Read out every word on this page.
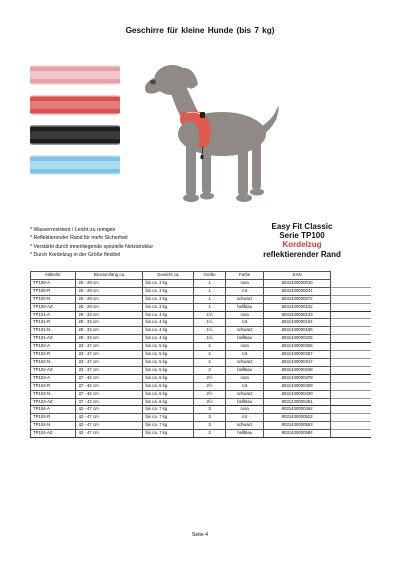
Geschirre für kleine Hunde (bis 7 kg)
* Wasserresistent / Leicht zu reinigen
* Reflektierender Rand für mehr Sicherheit
* Verstärkt durch innenliegende spezielle Netzstruktur
* Durch Kordelzug in der Größe flexibel
Easy Fit Classic
Serie TP100
Kordelzug
reflektierender Rand
Artikelnr.	Brustumfang ca.	Gewicht ca.	Größe	Farbe	EAN	
TP100-A	25 - 29 cm	bis ca. 3 kg	1	rosa	8031430000010	
TP100-R	25 - 29 cm	bis ca. 3 kg	1	rot	8031430000041	
TP100-N	25 - 29 cm	bis ca. 3 kg	1	schwarz	8031430000072	
TP100-AZ	25 - 29 cm	bis ca. 3 kg	1	hellblau	8031430000102	
TP101-A	29 - 33 cm	bis ca. 4 kg	1½	rosa	8031430000133	
TP101-R	29 - 33 cm	bis ca. 4 kg	1½	rot	8031430000164	
TP101-N	29 - 33 cm	bis ca. 4 kg	1½	schwarz	8031430000195	
TP101-AZ	29 - 33 cm	bis ca. 4 kg	1½	hellblau	8031430000225	
TP102-A	33 - 37 cm	bis ca. 5 kg	2	rosa	8031430000256	
TP102-R	33 - 37 cm	bis ca. 5 kg	2	rot	8031430000287	
TP102-N	33 - 37 cm	bis ca. 5 kg	2	schwarz	8031430000317	
TP102-AZ	33 - 37 cm	bis ca. 5 kg	2	hellblau	8031430000348	
TP103-A	37 - 42 cm	bis ca. 6 kg	2½	rosa	8031430000379	
TP103-R	37 - 42 cm	bis ca. 6 kg	2½	rot	8031430000409	
TP103-N	37 - 42 cm	bis ca. 6 kg	2½	schwarz	8031430000430	
TP103-AZ	37 - 42 cm	bis ca. 6 kg	2½	hellblau	8031430000461	
TP104-A	42 - 47 cm	bis ca. 7 kg	3	rosa	8031430000492	
TP104-R	42 - 47 cm	bis ca. 7 kg	3	rot	8031430000522	
TP104-N	42 - 47 cm	bis ca. 7 kg	3	schwarz	8031430000553	
TP104-AZ	42 - 47 cm	bis ca. 7 kg	3	hellblau	8031430000584	
Seite 4
